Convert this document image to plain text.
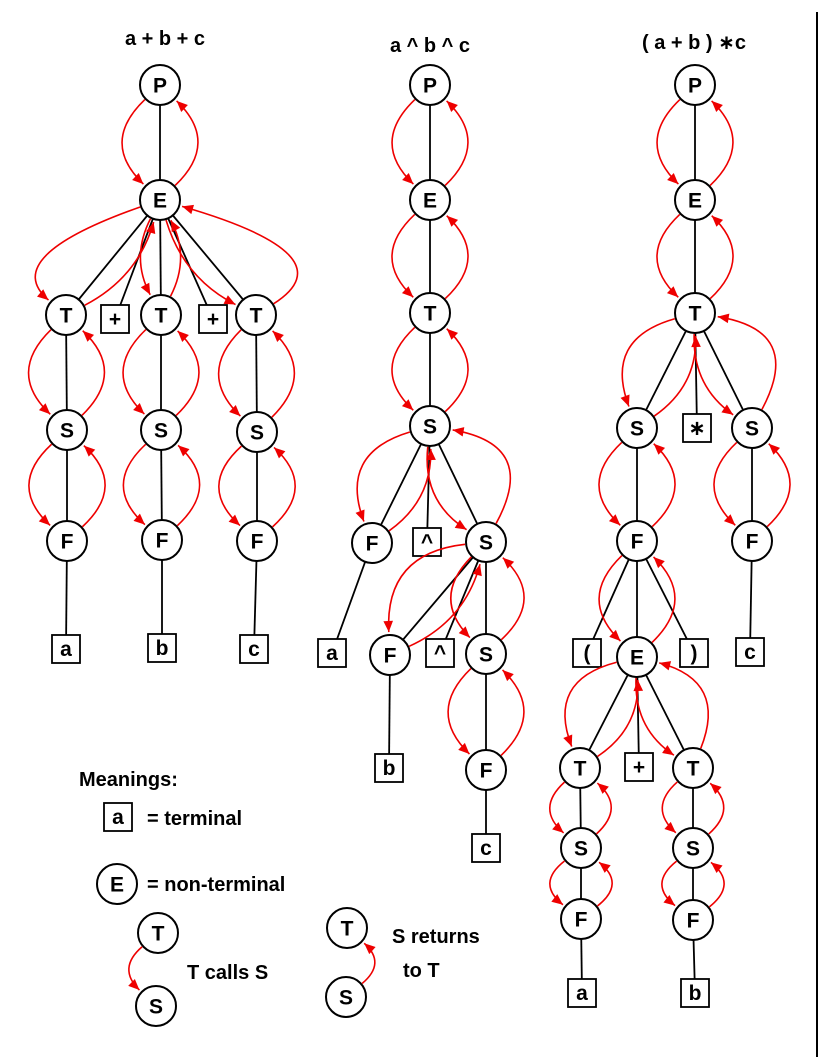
P
E
T + T + T
S	S	S
F	F	F
a	b	c
a + b + c
P
E
T
S
F ^ S
a F ^ S
b	F
c
a ^ b ^ c
P
E
T
S ∗ S
F	F
( E ) c
T + T
S	S
F	F
a	b
( a + b ) ∗c
a
E
T
S
T
S
Meanings:
= terminal
= non-terminal
T calls S
S returns
to T
